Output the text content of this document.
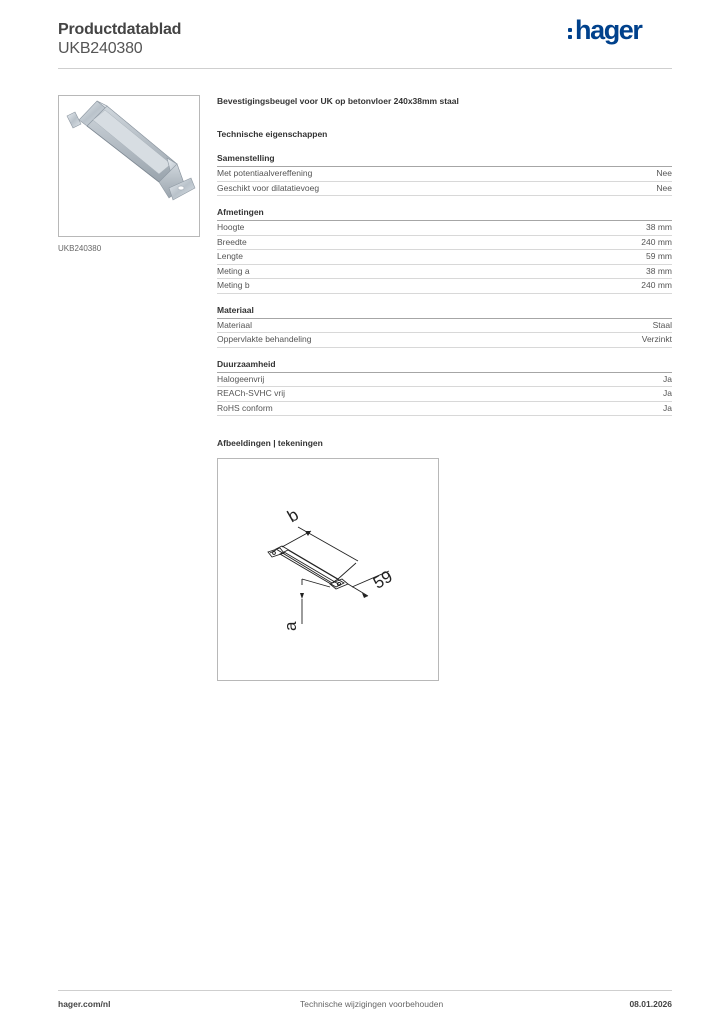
Productdatablad
UKB240380
hager
UKB240380
Bevestigingsbeugel voor UK op betonvloer 240x38mm staal
Technische eigenschappen
Samenstelling
Met potentiaalvereffening	Nee
Geschikt voor dilatatievoeg	Nee
Afmetingen
Hoogte	38 mm
Breedte	240 mm
Lengte	59 mm
Meting a	38 mm
Meting b	240 mm
Materiaal
Materiaal	Staal
Oppervlakte behandeling	Verzinkt
Duurzaamheid
Halogeenvrij	Ja
REACh-SVHC vrij	Ja
RoHS conform	Ja
Afbeeldingen | tekeningen
b
59
a
hager.com/nl	Technische wijzigingen voorbehouden	08.01.2026
